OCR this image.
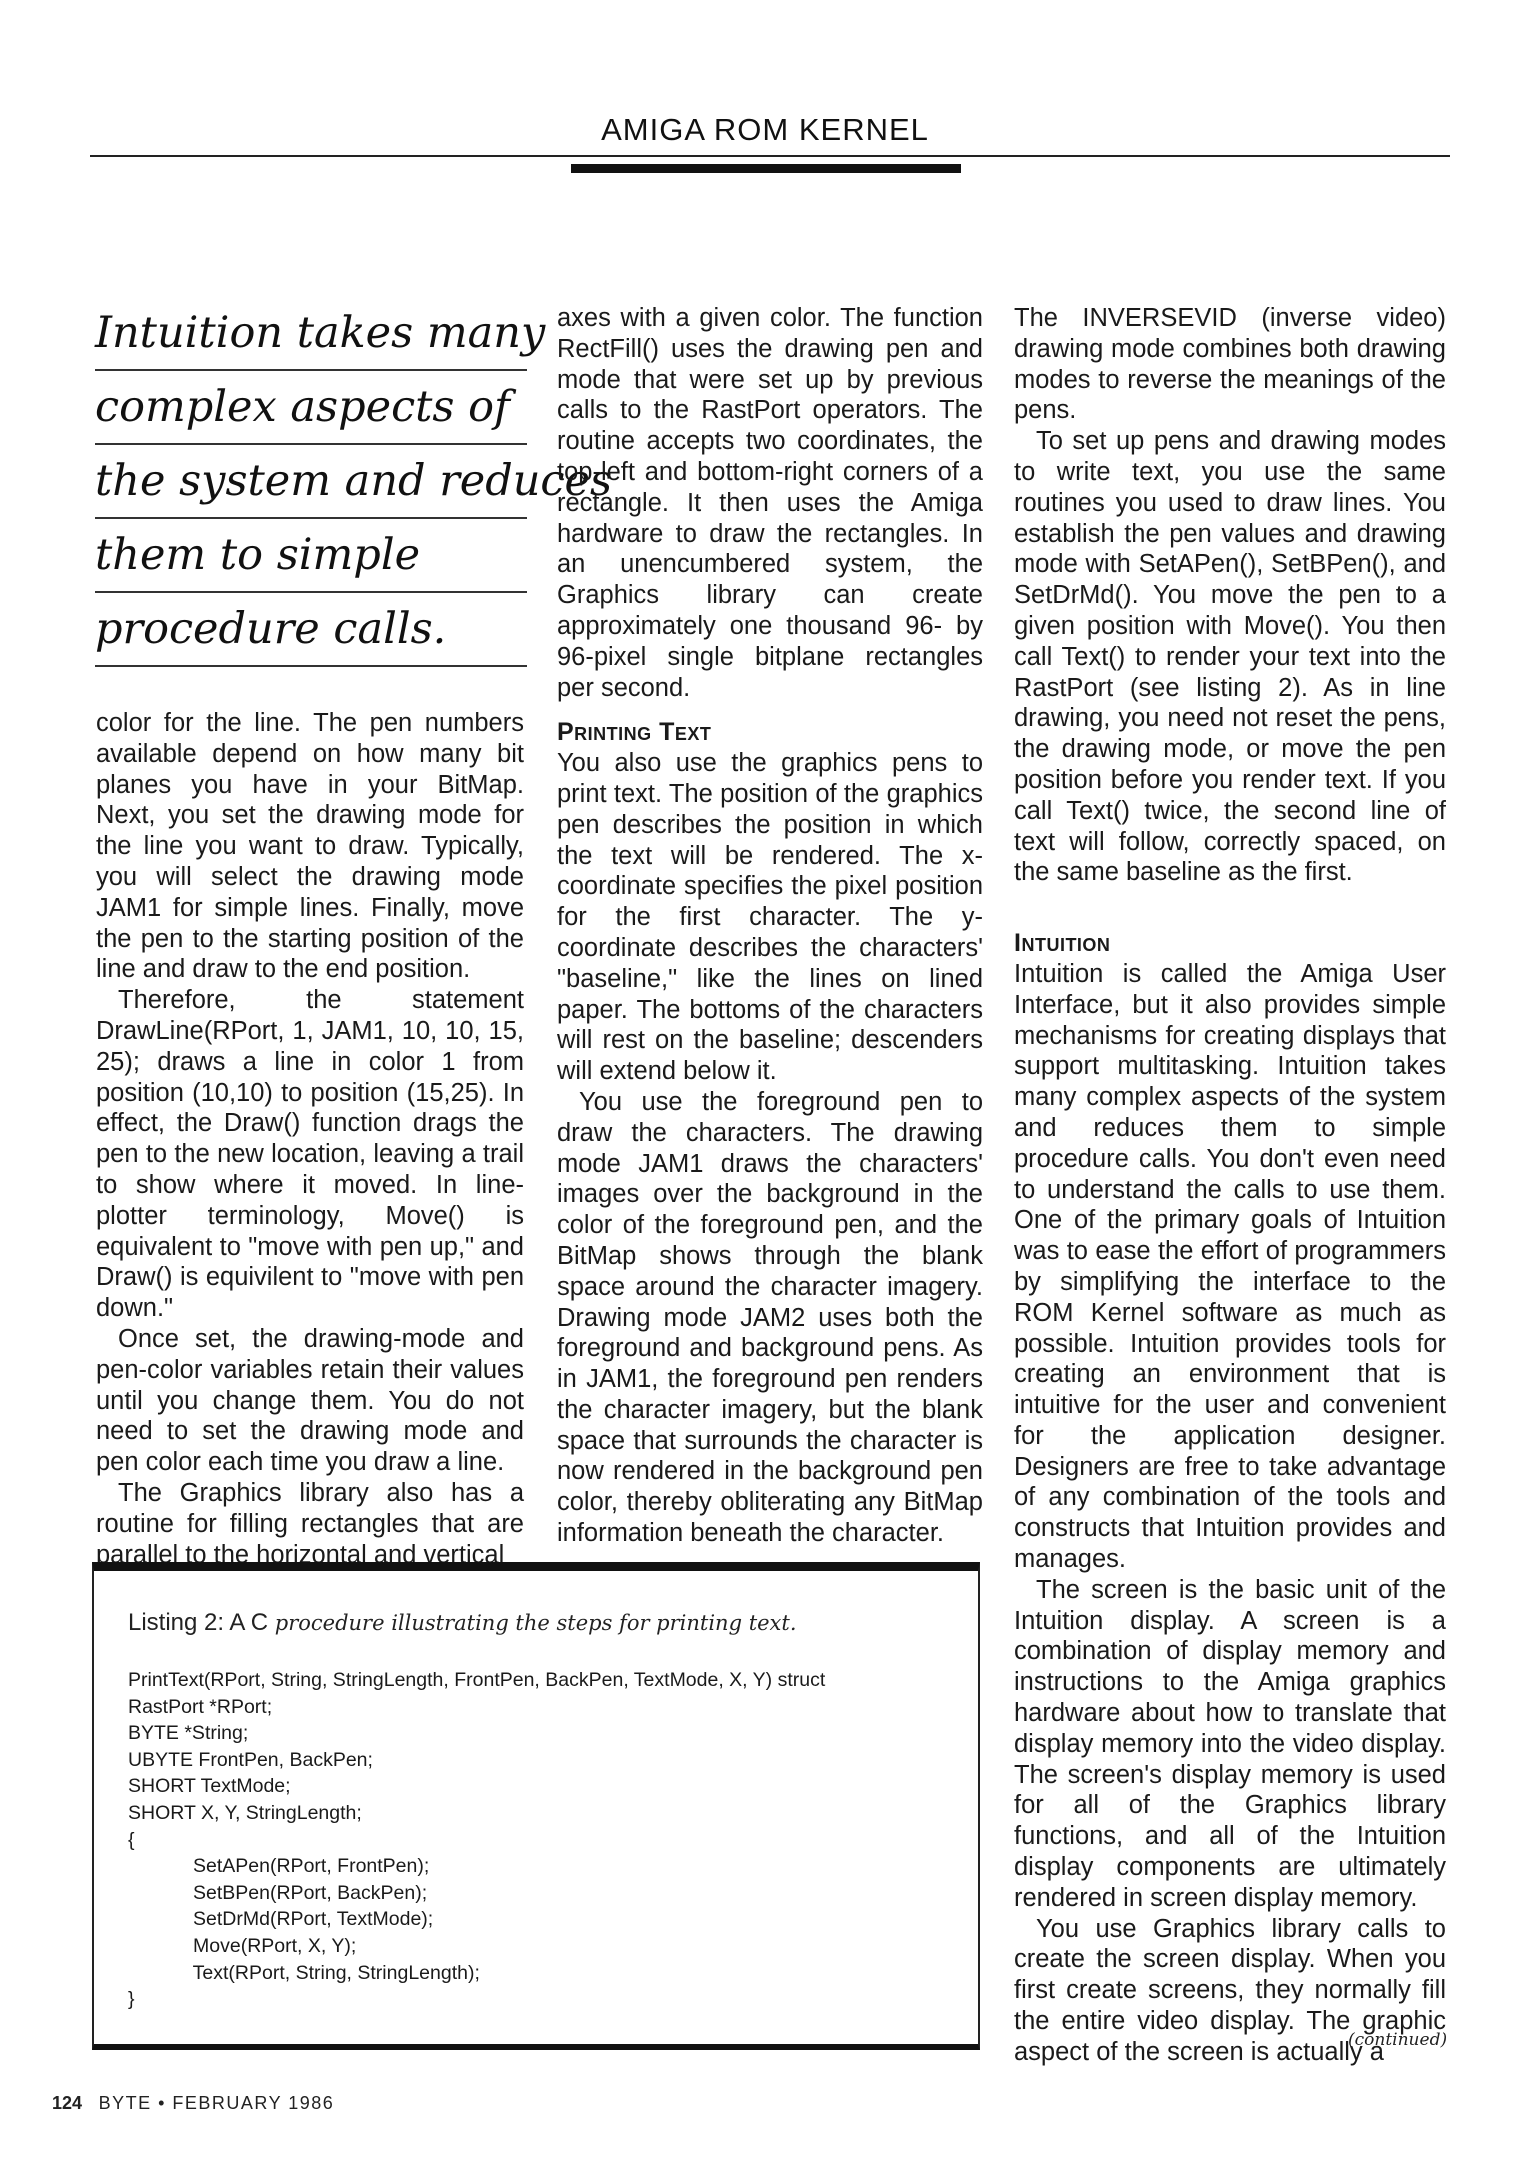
AMIGA ROM KERNEL
Intuition takes many
complex aspects of
the system and reduces
them to simple
procedure calls.

color for the line. The pen numbers available depend on how many bit planes you have in your BitMap. Next, you set the drawing mode for the line you want to draw. Typically, you will select the drawing mode JAM1 for simple lines. Finally, move the pen to the starting position of the line and draw to the end position.

Therefore, the statement DrawLine(RPort, 1, JAM1, 10, 10, 15, 25); draws a line in color 1 from position (10,10) to position (15,25). In effect, the Draw() function drags the pen to the new location, leaving a trail to show where it moved. In line-plotter terminology, Move() is equivalent to "move with pen up," and Draw() is equivilent to "move with pen down."

Once set, the drawing-mode and pen-color variables retain their values until you change them. You do not need to set the drawing mode and pen color each time you draw a line.

The Graphics library also has a routine for filling rectangles that are parallel to the horizontal and vertical

axes with a given color. The function RectFill() uses the drawing pen and mode that were set up by previous calls to the RastPort operators. The routine accepts two coordinates, the top-left and bottom-right corners of a rectangle. It then uses the Amiga hardware to draw the rectangles. In an unencumbered system, the Graphics library can create approximately one thousand 96- by 96-pixel single bitplane rectangles per second.

Printing Text

You also use the graphics pens to print text. The position of the graphics pen describes the position in which the text will be rendered. The x-coordinate specifies the pixel position for the first character. The y-coordinate describes the characters' "baseline," like the lines on lined paper. The bottoms of the characters will rest on the baseline; descenders will extend below it.

You use the foreground pen to draw the characters. The drawing mode JAM1 draws the characters' images over the background in the color of the foreground pen, and the BitMap shows through the blank space around the character imagery. Drawing mode JAM2 uses both the foreground and background pens. As in JAM1, the foreground pen renders the character imagery, but the blank space that surrounds the character is now rendered in the background pen color, thereby obliterating any BitMap information beneath the character.

The INVERSEVID (inverse video) drawing mode combines both drawing modes to reverse the meanings of the pens.

To set up pens and drawing modes to write text, you use the same routines you used to draw lines. You establish the pen values and drawing mode with SetAPen(), SetBPen(), and SetDrMd(). You move the pen to a given position with Move(). You then call Text() to render your text into the RastPort (see listing 2). As in line drawing, you need not reset the pens, the drawing mode, or move the pen position before you render text. If you call Text() twice, the second line of text will follow, correctly spaced, on the same baseline as the first.

Intuition

Intuition is called the Amiga User Interface, but it also provides simple mechanisms for creating displays that support multitasking. Intuition takes many complex aspects of the system and reduces them to simple procedure calls. You don't even need to understand the calls to use them. One of the primary goals of Intuition was to ease the effort of programmers by simplifying the interface to the ROM Kernel software as much as possible. Intuition provides tools for creating an environment that is intuitive for the user and convenient for the application designer. Designers are free to take advantage of any combination of the tools and constructs that Intuition provides and manages.

The screen is the basic unit of the Intuition display. A screen is a combination of display memory and instructions to the Amiga graphics hardware about how to translate that display memory into the video display. The screen's display memory is used for all of the Graphics library functions, and all of the Intuition display components are ultimately rendered in screen display memory.

You use Graphics library calls to create the screen display. When you first create screens, they normally fill the entire video display. The graphic aspect of the screen is actually a

Listing 2: A C procedure illustrating the steps for printing text.
PrintText(RPort, String, StringLength, FrontPen, BackPen, TextMode, X, Y) struct
RastPort *RPort;
BYTE *String;
UBYTE FrontPen, BackPen;
SHORT TextMode;
SHORT X, Y, StringLength;
{
SetAPen(RPort, FrontPen);
SetBPen(RPort, BackPen);
SetDrMd(RPort, TextMode);
Move(RPort, X, Y);
Text(RPort, String, StringLength);
}
(continued)
124 BYTE • FEBRUARY 1986
